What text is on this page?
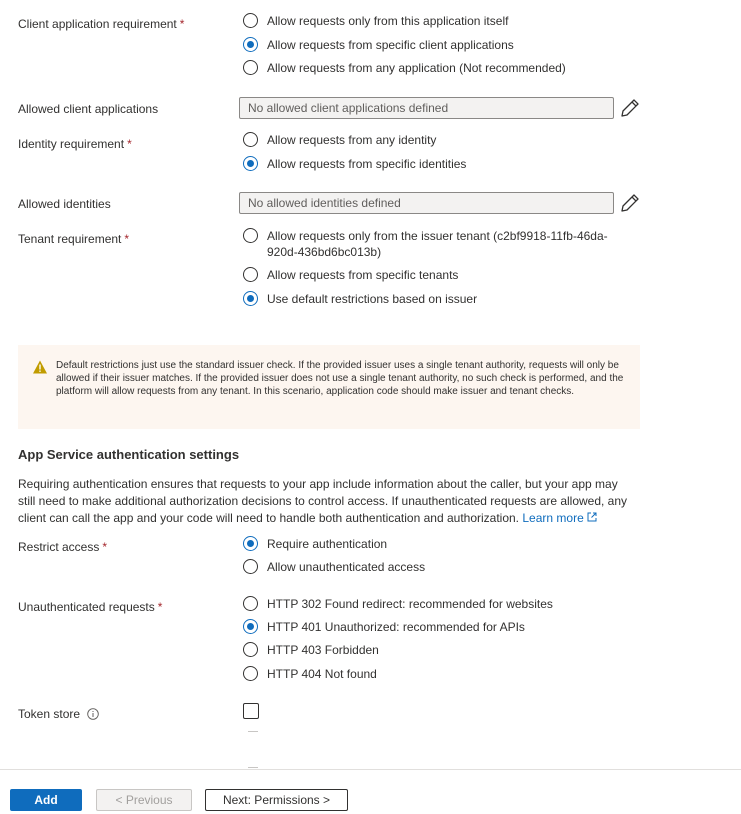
Client application requirement *	Allow requests only from this application itself
Allow requests from specific client applications
Allow requests from any application (Not recommended)
Allowed client applications	No allowed client applications defined
Identity requirement *	Allow requests from any identity
Allow requests from specific identities
Allowed identities	No allowed identities defined
Tenant requirement *	Allow requests only from the issuer tenant (c2bf9918-11fb-46da-920d-436bd6bc013b)
Allow requests from specific tenants
Use default restrictions based on issuer
Default restrictions just use the standard issuer check. If the provided issuer uses a single tenant authority, requests will only be allowed if their issuer matches. If the provided issuer does not use a single tenant authority, no such check is performed, and the platform will allow requests from any tenant. In this scenario, application code should make issuer and tenant checks.
App Service authentication settings
Requiring authentication ensures that requests to your app include information about the caller, but your app may still need to make additional authorization decisions to control access. If unauthenticated requests are allowed, any client can call the app and your code will need to handle both authentication and authorization. Learn more
Restrict access *	Require authentication
Allow unauthenticated access
Unauthenticated requests *	HTTP 302 Found redirect: recommended for websites
HTTP 401 Unauthorized: recommended for APIs
HTTP 403 Forbidden
HTTP 404 Not found
Token store
Add	< Previous	Next: Permissions >
